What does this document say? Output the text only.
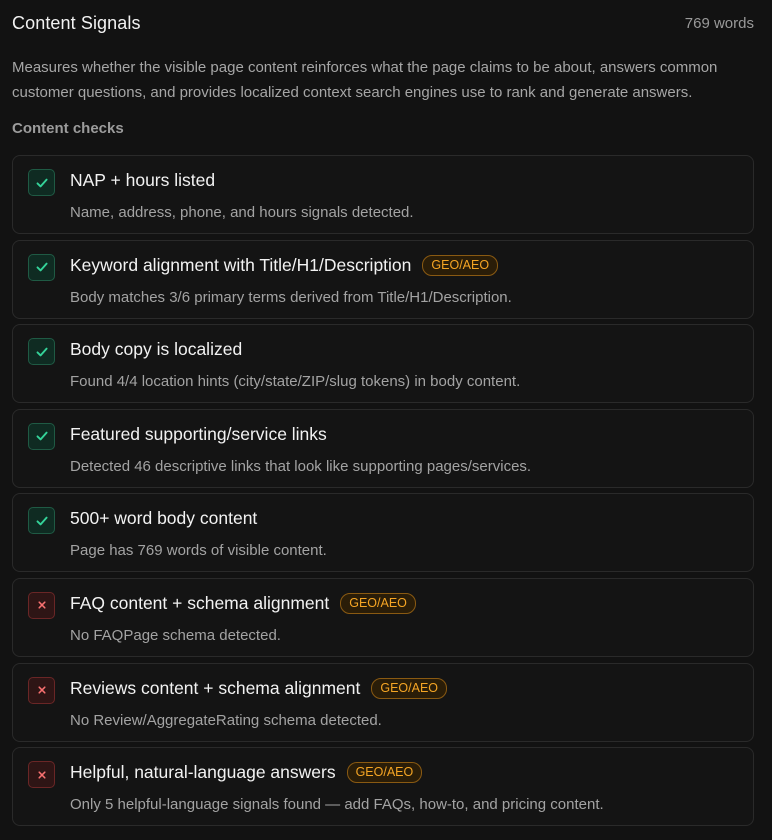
Content Signals	769 words

Measures whether the visible page content reinforces what the page claims to be about, answers common customer questions, and provides localized context search engines use to rank and generate answers.

Content checks
NAP + hours listed
Name, address, phone, and hours signals detected.
Keyword alignment with Title/H1/Description	GEO/AEO
Body matches 3/6 primary terms derived from Title/H1/Description.
Body copy is localized
Found 4/4 location hints (city/state/ZIP/slug tokens) in body content.
Featured supporting/service links
Detected 46 descriptive links that look like supporting pages/services.
500+ word body content
Page has 769 words of visible content.
FAQ content + schema alignment	GEO/AEO
No FAQPage schema detected.
Reviews content + schema alignment	GEO/AEO
No Review/AggregateRating schema detected.
Helpful, natural-language answers	GEO/AEO
Only 5 helpful-language signals found — add FAQs, how-to, and pricing content.
